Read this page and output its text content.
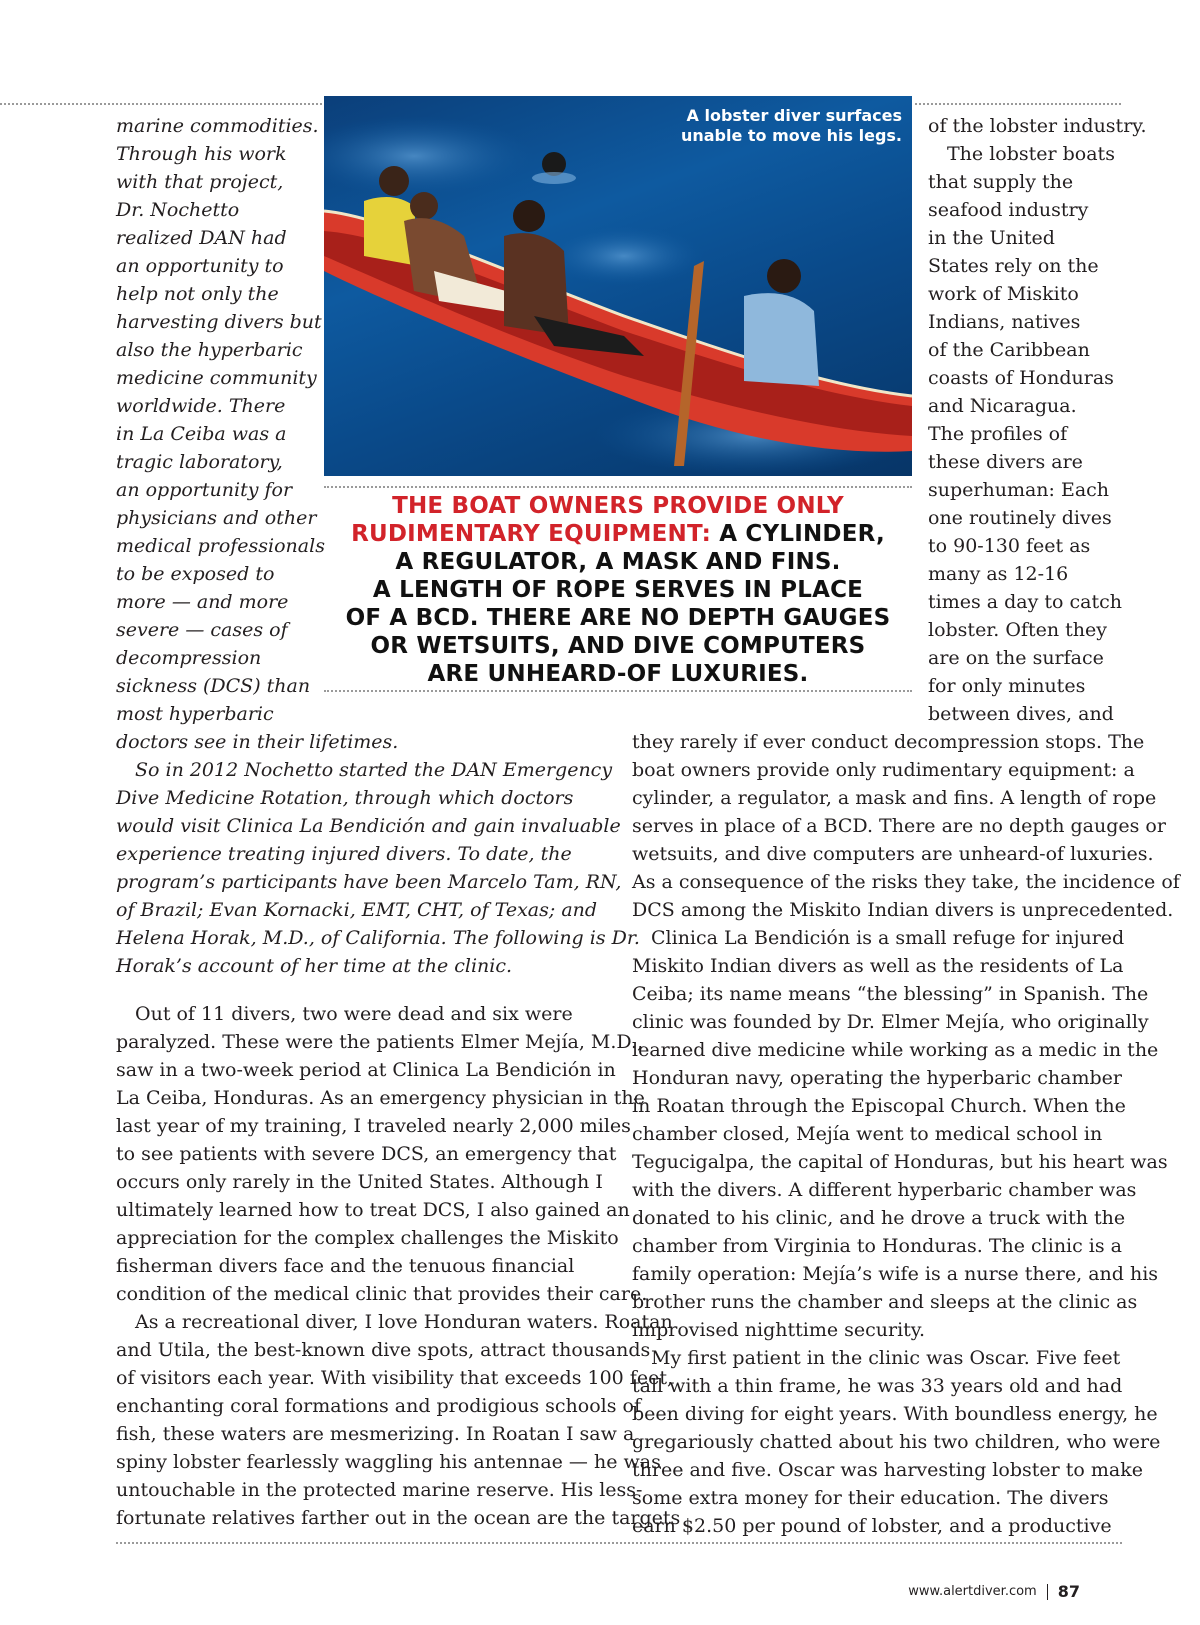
A lobster diver surfaces
unable to move his legs.
THE BOAT OWNERS PROVIDE ONLY
RUDIMENTARY EQUIPMENT: A CYLINDER,
A REGULATOR, A MASK AND FINS.
A LENGTH OF ROPE SERVES IN PLACE
OF A BCD. THERE ARE NO DEPTH GAUGES
OR WETSUITS, AND DIVE COMPUTERS
ARE UNHEARD-OF LUXURIES.
marine commodities.
Through his work
with that project,
Dr. Nochetto
realized DAN had
an opportunity to
help not only the
harvesting divers but
also the hyperbaric
medicine community
worldwide. There
in La Ceiba was a
tragic laboratory,
an opportunity for
physicians and other
medical professionals
to be exposed to
more — and more
severe — cases of
decompression
sickness (DCS) than
most hyperbaric
doctors see in their lifetimes.
So in 2012 Nochetto started the DAN Emergency
Dive Medicine Rotation, through which doctors
would visit Clinica La Bendición and gain invaluable
experience treating injured divers. To date, the
program’s participants have been Marcelo Tam, RN,
of Brazil; Evan Kornacki, EMT, CHT, of Texas; and
Helena Horak, M.D., of California. The following is Dr.
Horak’s account of her time at the clinic.
Out of 11 divers, two were dead and six were
paralyzed. These were the patients Elmer Mejía, M.D.,
saw in a two-week period at Clinica La Bendición in
La Ceiba, Honduras. As an emergency physician in the
last year of my training, I traveled nearly 2,000 miles
to see patients with severe DCS, an emergency that
occurs only rarely in the United States. Although I
ultimately learned how to treat DCS, I also gained an
appreciation for the complex challenges the Miskito
fisherman divers face and the tenuous financial
condition of the medical clinic that provides their care.
As a recreational diver, I love Honduran waters. Roatan
and Utila, the best-known dive spots, attract thousands
of visitors each year. With visibility that exceeds 100 feet,
enchanting coral formations and prodigious schools of
fish, these waters are mesmerizing. In Roatan I saw a
spiny lobster fearlessly waggling his antennae — he was
untouchable in the protected marine reserve. His less-
fortunate relatives farther out in the ocean are the targets
of the lobster industry.
The lobster boats
that supply the
seafood industry
in the United
States rely on the
work of Miskito
Indians, natives
of the Caribbean
coasts of Honduras
and Nicaragua.
The profiles of
these divers are
superhuman: Each
one routinely dives
to 90-130 feet as
many as 12-16
times a day to catch
lobster. Often they
are on the surface
for only minutes
between dives, and
they rarely if ever conduct decompression stops. The
boat owners provide only rudimentary equipment: a
cylinder, a regulator, a mask and fins. A length of rope
serves in place of a BCD. There are no depth gauges or
wetsuits, and dive computers are unheard-of luxuries.
As a consequence of the risks they take, the incidence of
DCS among the Miskito Indian divers is unprecedented.
Clinica La Bendición is a small refuge for injured
Miskito Indian divers as well as the residents of La
Ceiba; its name means “the blessing” in Spanish. The
clinic was founded by Dr. Elmer Mejía, who originally
learned dive medicine while working as a medic in the
Honduran navy, operating the hyperbaric chamber
in Roatan through the Episcopal Church. When the
chamber closed, Mejía went to medical school in
Tegucigalpa, the capital of Honduras, but his heart was
with the divers. A different hyperbaric chamber was
donated to his clinic, and he drove a truck with the
chamber from Virginia to Honduras. The clinic is a
family operation: Mejía’s wife is a nurse there, and his
brother runs the chamber and sleeps at the clinic as
improvised nighttime security.
My first patient in the clinic was Oscar. Five feet
tall with a thin frame, he was 33 years old and had
been diving for eight years. With boundless energy, he
gregariously chatted about his two children, who were
three and five. Oscar was harvesting lobster to make
some extra money for their education. The divers
earn $2.50 per pound of lobster, and a productive
www.alertdiver.com 87
